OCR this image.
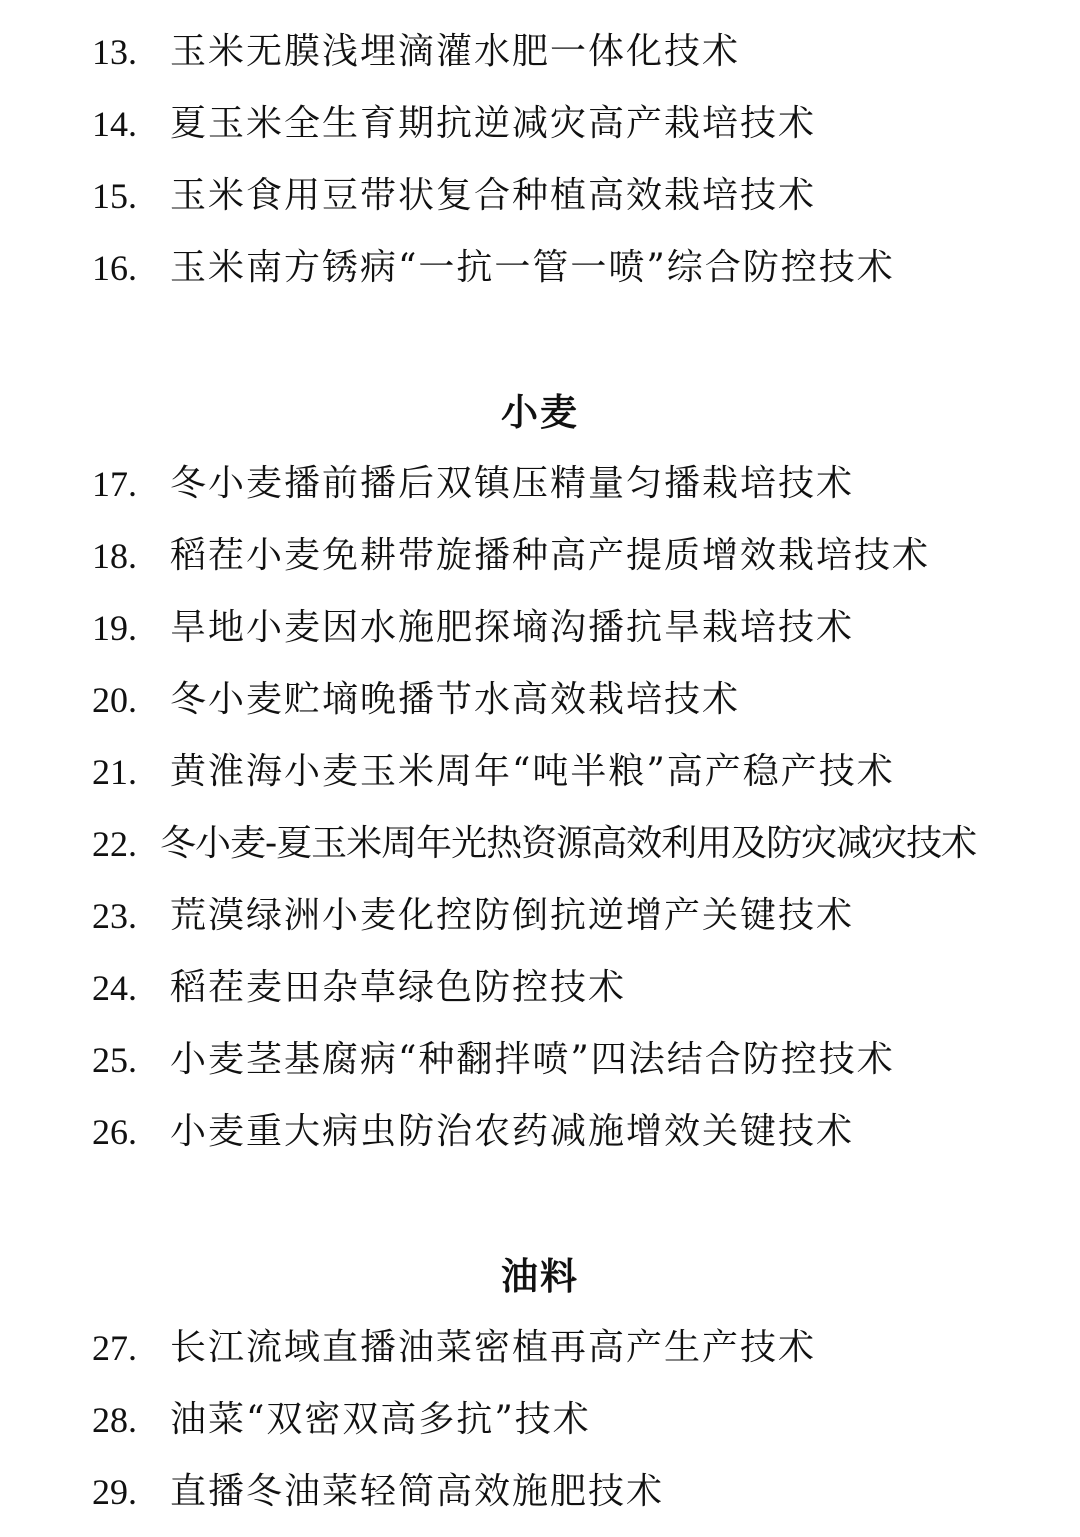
13. 玉米无膜浅埋滴灌水肥一体化技术
14. 夏玉米全生育期抗逆减灾高产栽培技术
15. 玉米食用豆带状复合种植高效栽培技术
16. 玉米南方锈病“一抗一管一喷”综合防控技术
小麦
17. 冬小麦播前播后双镇压精量匀播栽培技术
18. 稻茬小麦免耕带旋播种高产提质增效栽培技术
19. 旱地小麦因水施肥探墒沟播抗旱栽培技术
20. 冬小麦贮墒晚播节水高效栽培技术
21. 黄淮海小麦玉米周年“吨半粮”高产稳产技术
22. 冬小麦-夏玉米周年光热资源高效利用及防灾减灾技术
23. 荒漠绿洲小麦化控防倒抗逆增产关键技术
24. 稻茬麦田杂草绿色防控技术
25. 小麦茎基腐病“种翻拌喷”四法结合防控技术
26. 小麦重大病虫防治农药减施增效关键技术
油料
27. 长江流域直播油菜密植再高产生产技术
28. 油菜“双密双高多抗”技术
29. 直播冬油菜轻简高效施肥技术
